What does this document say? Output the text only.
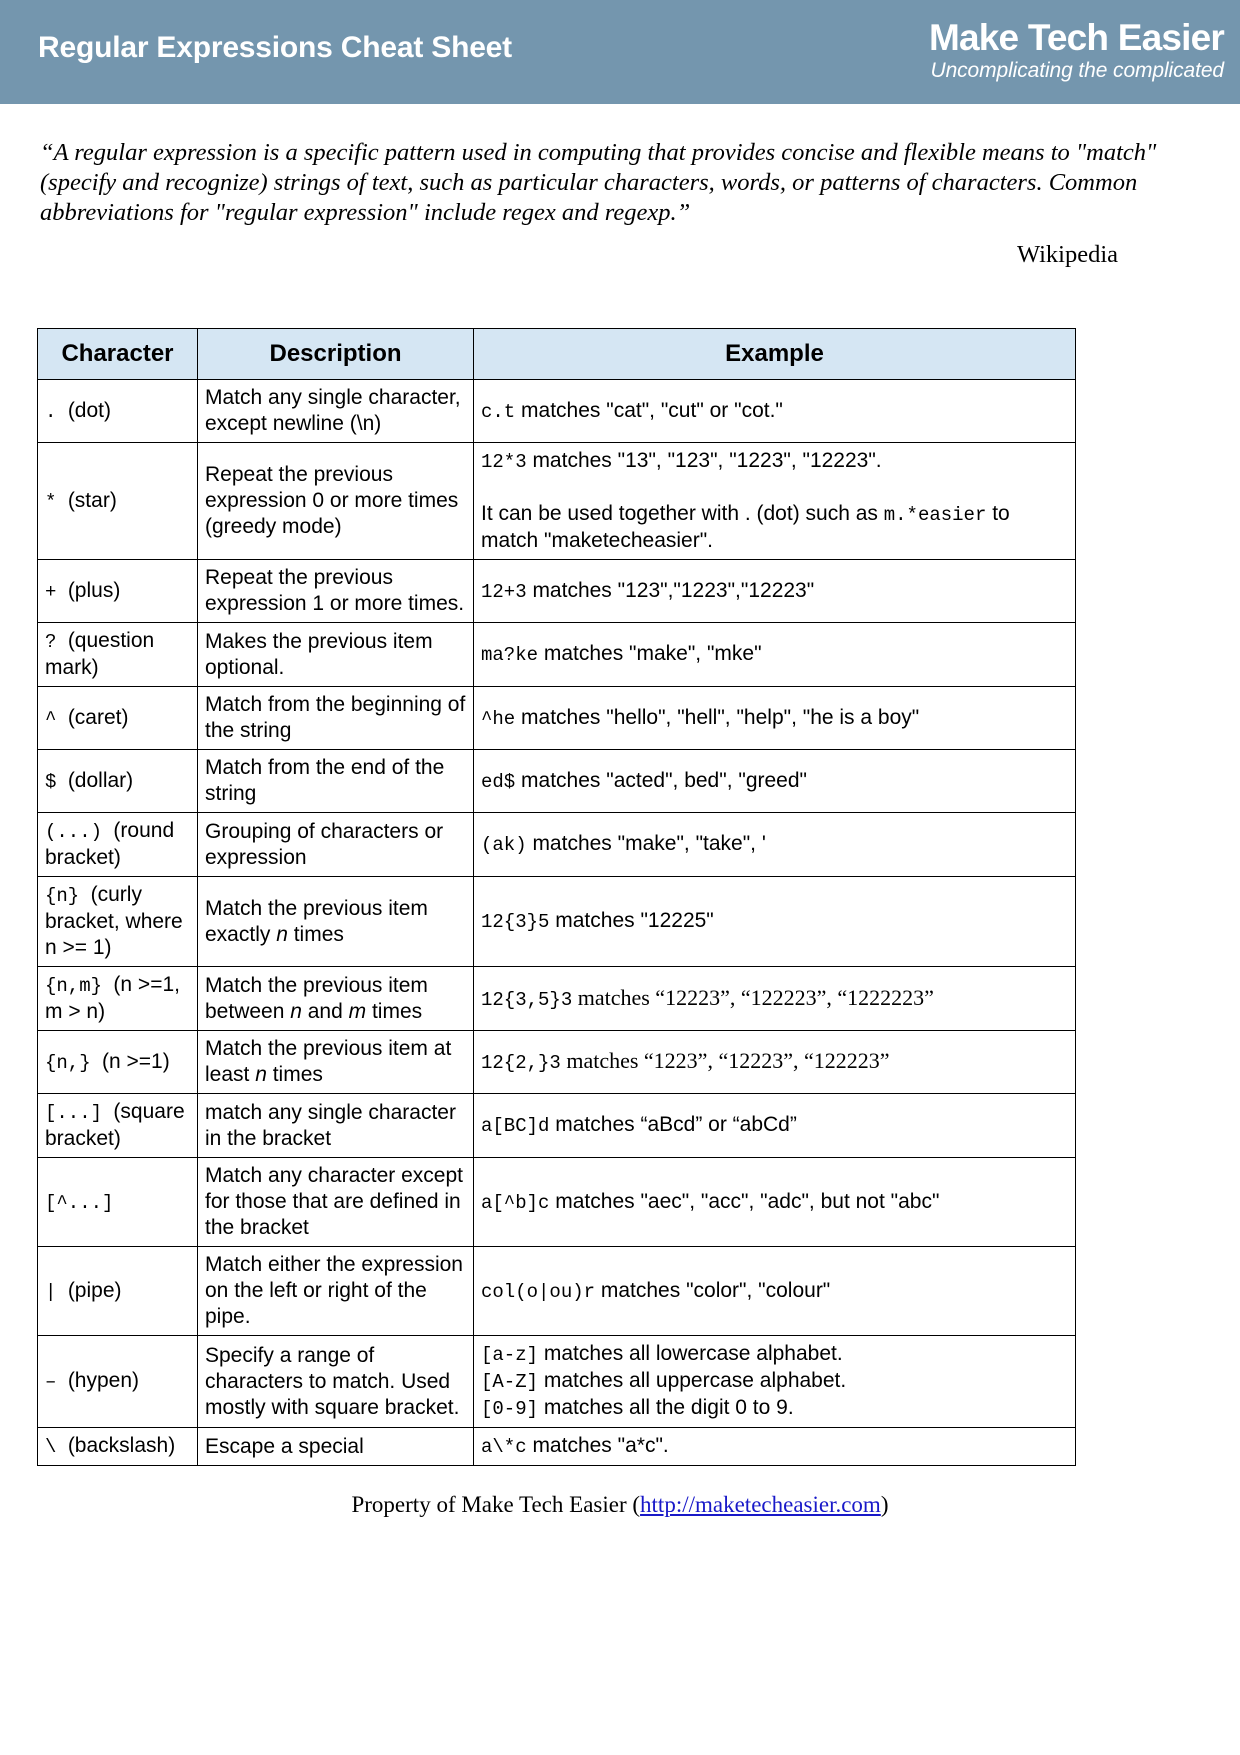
Regular Expressions Cheat Sheet	Make Tech Easier
Uncomplicating the complicated
“A regular expression is a specific pattern used in computing that provides concise and flexible means to "match" (specify and recognize) strings of text, such as particular characters, words, or patterns of characters. Common abbreviations for "regular expression" include regex and regexp.”
Wikipedia
Character	Description	Example
. (dot)	Match any single character, except newline (\n)	c.t matches "cat", "cut" or "cot."

* (star)	Repeat the previous expression 0 or more times (greedy mode)	12*3 matches "13", "123", "1223", "12223".
It can be used together with . (dot) such as m.*easier to match "maketecheasier".

+ (plus)	Repeat the previous expression 1 or more times.	12+3 matches "123","1223","12223"

? (question mark)	Makes the previous item optional.	ma?ke matches "make", "mke"

^ (caret)	Match from the beginning of the string	^he matches "hello", "hell", "help", "he is a boy"

$ (dollar)	Match from the end of the string	ed$ matches "acted", bed", "greed"

(...) (round bracket)	Grouping of characters or expression	(ak) matches "make", "take", '

{n} (curly bracket, where n >= 1)	Match the previous item exactly n times	12{3}5 matches "12225"

{n,m} (n >=1, m > n)	Match the previous item between n and m times	12{3,5}3 matches “12223”, “122223”, “1222223”

{n,} (n >=1)	Match the previous item at least n times	12{2,}3 matches “1223”, “12223”, “122223”

[...] (square bracket)	match any single character in the bracket	a[BC]d matches “aBcd” or “abCd”

[^...]	Match any character except for those that are defined in the bracket	a[^b]c matches "aec", "acc", "adc", but not "abc"

| (pipe)	Match either the expression on the left or right of the pipe.	col(o|ou)r matches "color", "colour"

– (hypen)	Specify a range of characters to match. Used mostly with square bracket.	[a-z] matches all lowercase alphabet.
[A-Z] matches all uppercase alphabet.
[0-9] matches all the digit 0 to 9.

\ (backslash)	Escape a special	a\*c matches "a*c".
Property of Make Tech Easier (http://maketecheasier.com)
